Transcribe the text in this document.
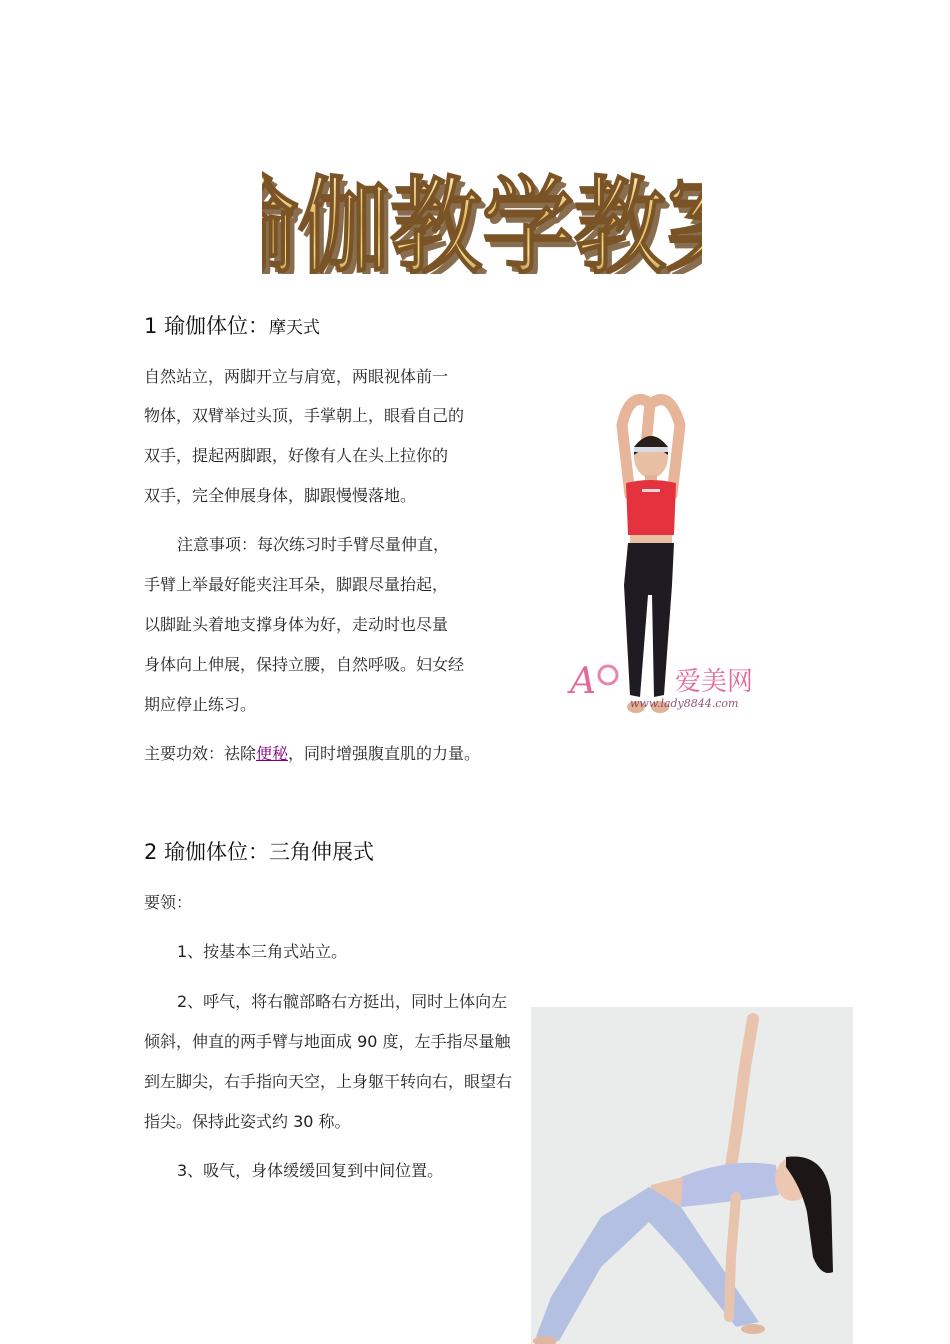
伽教学教
伽教学教
1 瑜伽体位：摩天式

自然站立，两脚开立与肩宽，两眼视体前一

物体，双臂举过头顶，手掌朝上，眼看自己的

双手，提起两脚跟，好像有人在头上拉你的

双手，完全伸展身体，脚跟慢慢落地。

注意事项：每次练习时手臂尽量伸直，

手臂上举最好能夹注耳朵，脚跟尽量抬起，

以脚趾头着地支撑身体为好，走动时也尽量

身体向上伸展，保持立腰，自然呼吸。妇女经

期应停止练习。

主要功效：祛除便秘，同时增强腹直肌的力量。

A	爱美网
www.lady8844.com
2 瑜伽体位：三角伸展式

要领：

1、按基本三角式站立。

2、呼气，将右髋部略右方挺出，同时上体向左

倾斜，伸直的两手臂与地面成 90 度，左手指尽量触

到左脚尖，右手指向天空，上身躯干转向右，眼望右

指尖。保持此姿式约 30 称。

3、吸气，身体缓缓回复到中间位置。
